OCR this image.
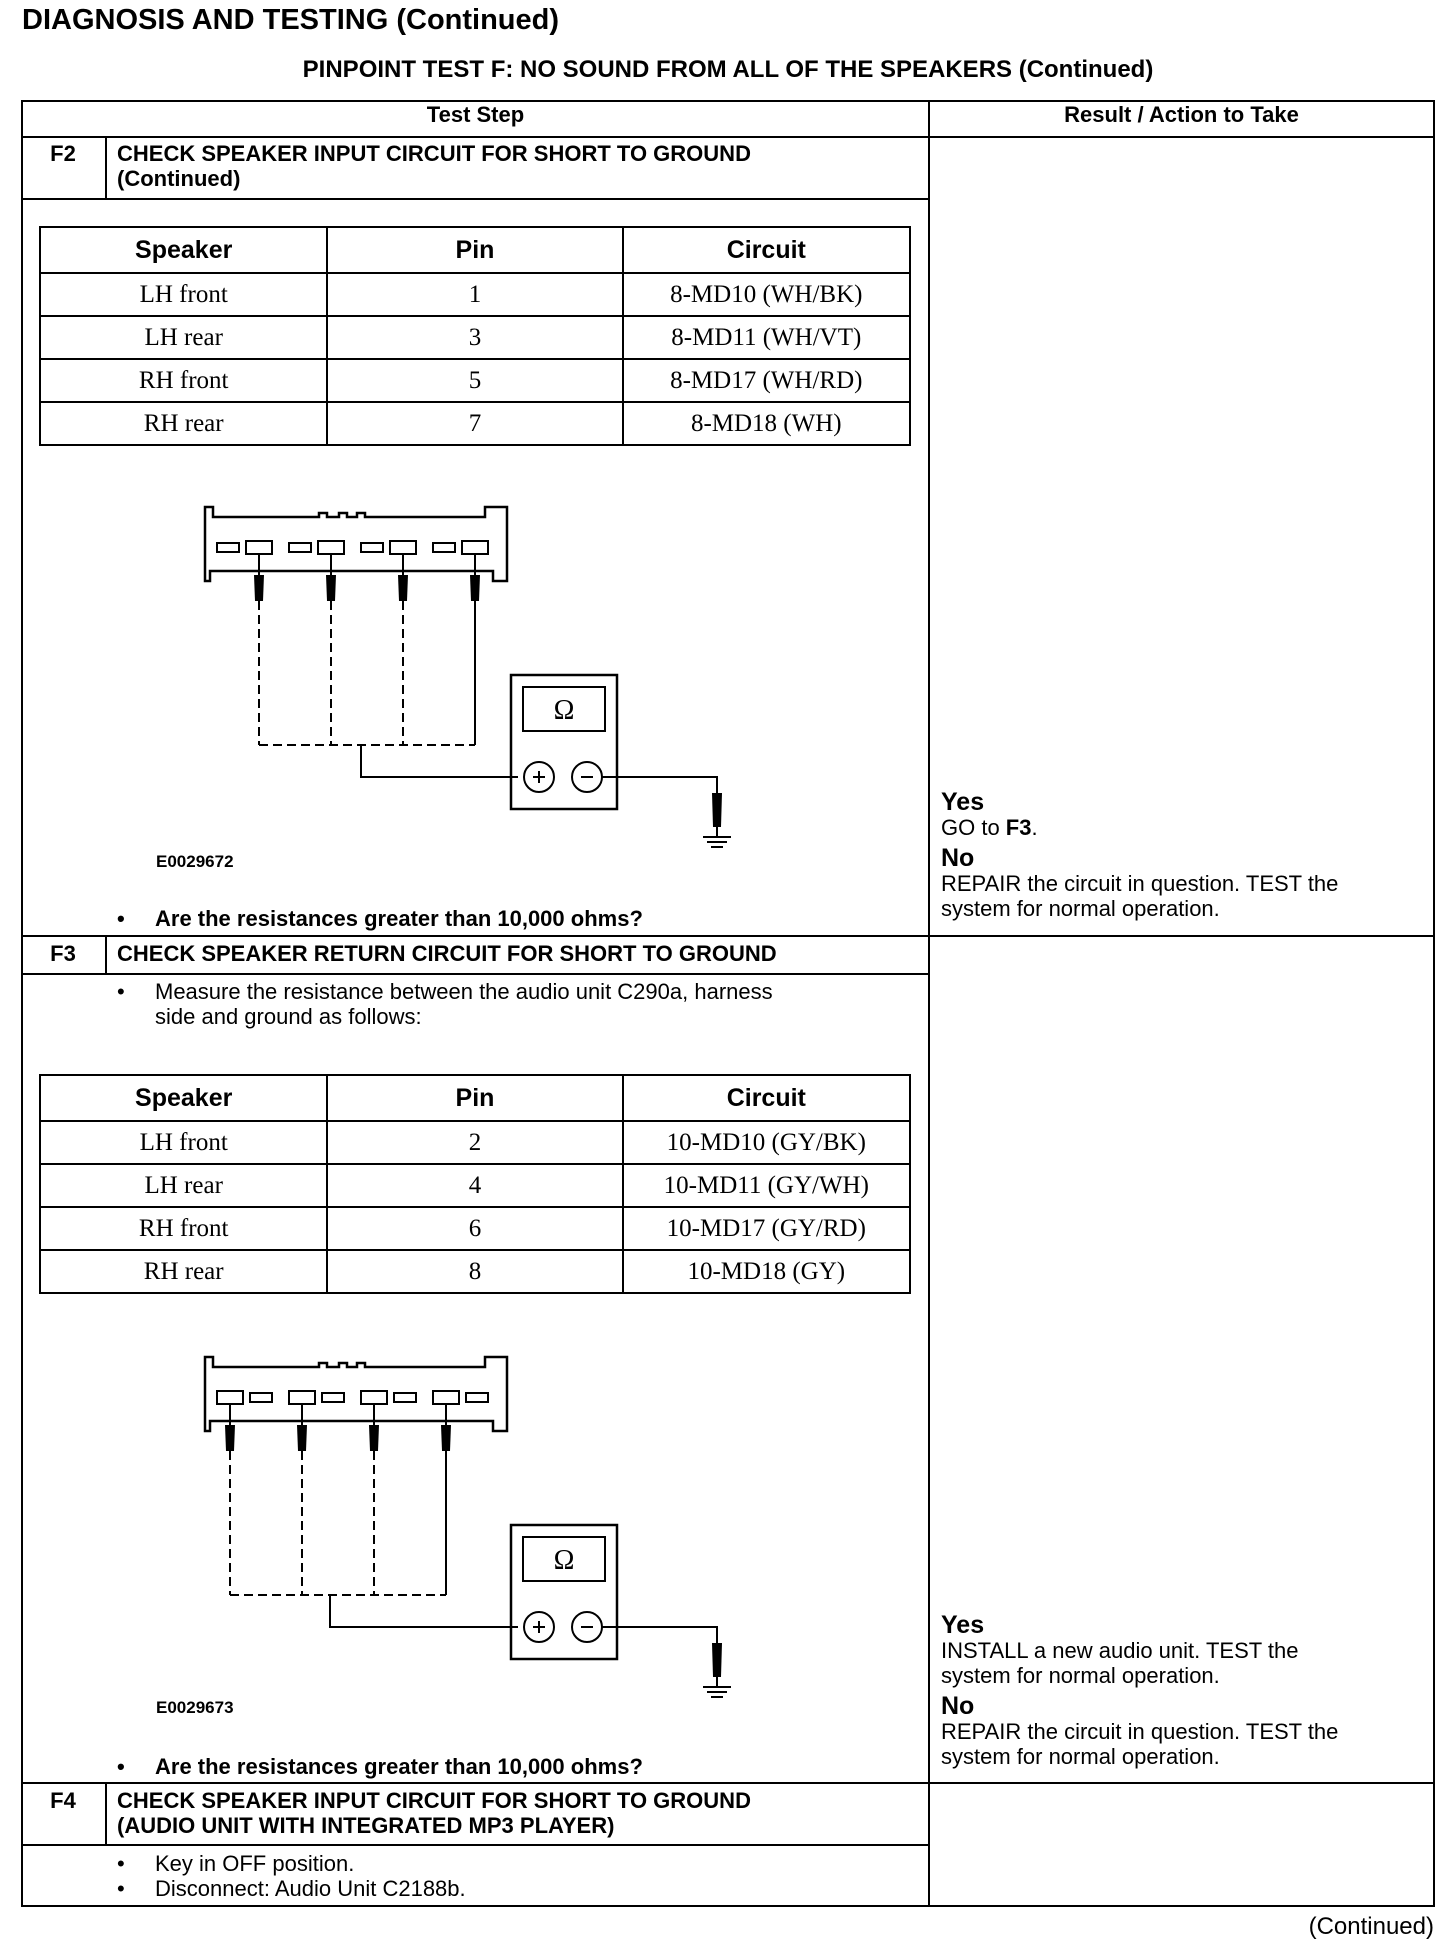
DIAGNOSIS AND TESTING (Continued)
PINPOINT TEST F: NO SOUND FROM ALL OF THE SPEAKERS (Continued)
Test Step	Result / Action to Take
F2	CHECK SPEAKER INPUT CIRCUIT FOR SHORT TO GROUND
(Continued)
Speaker	Pin	Circuit
LH front	1	8-MD10 (WH/BK)
LH rear	3	8-MD11 (WH/VT)
RH front	5	8-MD17 (WH/RD)
RH rear	7	8-MD18 (WH)
Ω
E0029672
• Are the resistances greater than 10,000 ohms?
Yes
GO to F3.
No
REPAIR the circuit in question. TEST the
system for normal operation.
F3	CHECK SPEAKER RETURN CIRCUIT FOR SHORT TO GROUND
• Measure the resistance between the audio unit C290a, harness
side and ground as follows:
Speaker	Pin	Circuit
LH front	2	10-MD10 (GY/BK)
LH rear	4	10-MD11 (GY/WH)
RH front	6	10-MD17 (GY/RD)
RH rear	8	10-MD18 (GY)
Ω
E0029673
• Are the resistances greater than 10,000 ohms?
Yes
INSTALL a new audio unit. TEST the
system for normal operation.
No
REPAIR the circuit in question. TEST the
system for normal operation.
F4	CHECK SPEAKER INPUT CIRCUIT FOR SHORT TO GROUND
(AUDIO UNIT WITH INTEGRATED MP3 PLAYER)
• Key in OFF position.
• Disconnect: Audio Unit C2188b.
(Continued)
